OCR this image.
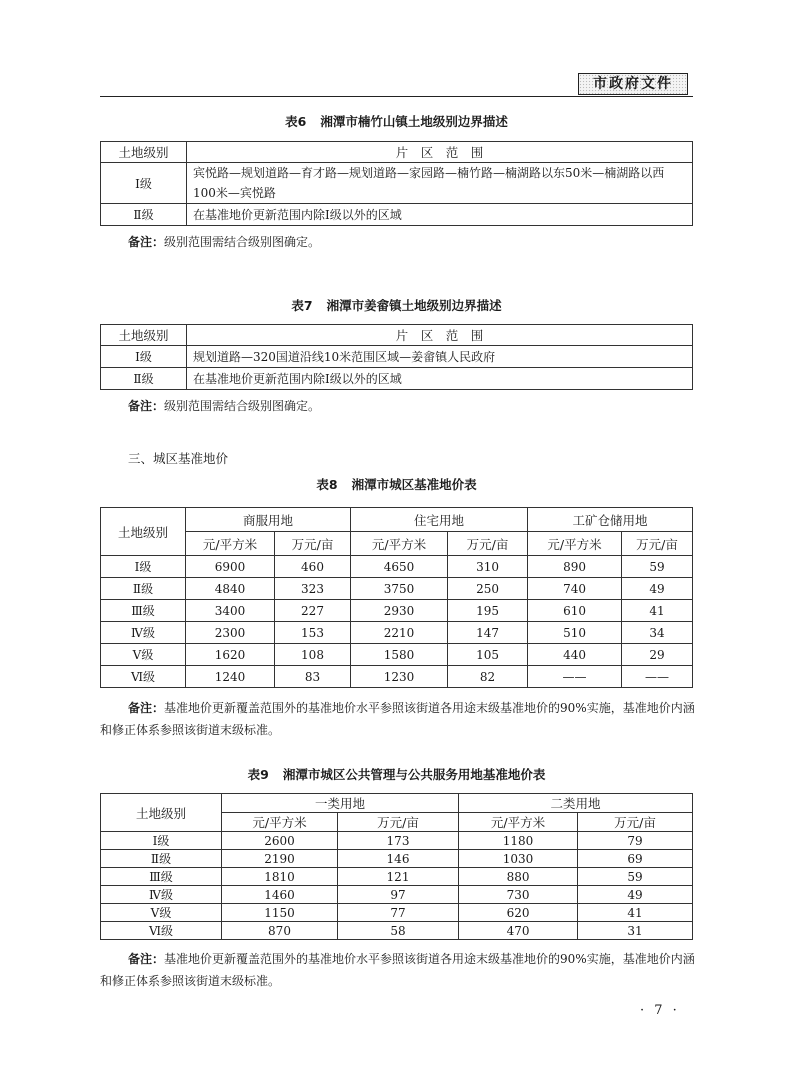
市政府文件
表6 湘潭市楠竹山镇土地级别边界描述
土地级别	片　区　范　围
Ⅰ级	宾悦路—规划道路—育才路—规划道路—家园路—楠竹路—楠湖路以东50米—楠湖路以西100米—宾悦路
Ⅱ级	在基准地价更新范围内除Ⅰ级以外的区域
备注：级别范围需结合级别图确定。
表7 湘潭市姜畲镇土地级别边界描述
土地级别	片　区　范　围
Ⅰ级	规划道路—320国道沿线10米范围区域—姜畲镇人民政府
Ⅱ级	在基准地价更新范围内除Ⅰ级以外的区域
备注：级别范围需结合级别图确定。
三、城区基准地价
表8 湘潭市城区基准地价表
土地级别	商服用地		住宅用地		工矿仓储用地	
	元/平方米	万元/亩	元/平方米	万元/亩	元/平方米	万元/亩
Ⅰ级	6900	460	4650	310	890	59
Ⅱ级	4840	323	3750	250	740	49
Ⅲ级	3400	227	2930	195	610	41
Ⅳ级	2300	153	2210	147	510	34
Ⅴ级	1620	108	1580	105	440	29
Ⅵ级	1240	83	1230	82	——	——
备注：基准地价更新覆盖范围外的基准地价水平参照该街道各用途末级基准地价的90%实施，基准地价内涵和修正体系参照该街道末级标准。
表9 湘潭市城区公共管理与公共服务用地基准地价表
土地级别	一类用地		二类用地	
	元/平方米	万元/亩	元/平方米	万元/亩
Ⅰ级	2600	173	1180	79
Ⅱ级	2190	146	1030	69
Ⅲ级	1810	121	880	59
Ⅳ级	1460	97	730	49
Ⅴ级	1150	77	620	41
Ⅵ级	870	58	470	31
备注：基准地价更新覆盖范围外的基准地价水平参照该街道各用途末级基准地价的90%实施，基准地价内涵和修正体系参照该街道末级标准。
· 7 ·
